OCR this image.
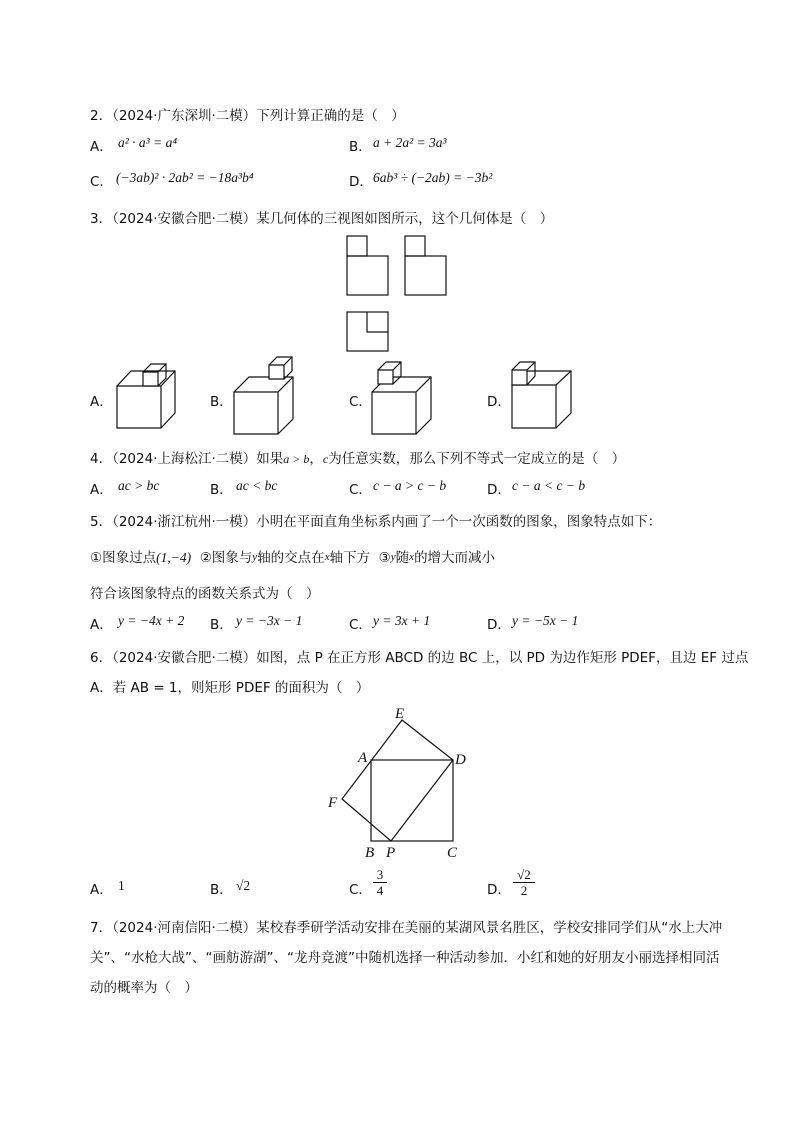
2．（2024·广东深圳·二模）下列计算正确的是（　）
A． a² · a³ = a⁴	B． a + 2a² = 3a³
C． (−3ab)² · 2ab² = −18a³b⁴	D． 6ab³ ÷ (−2ab) = −3b²
3．（2024·安徽合肥·二模）某几何体的三视图如图所示，这个几何体是（　）
A．	B．	C．	D．
4．（2024·上海松江·二模）如果a > b，c为任意实数，那么下列不等式一定成立的是（　）
A． ac > bc	B． ac < bc	C． c − a > c − b	D． c − a < c − b
5．（2024·浙江杭州·一模）小明在平面直角坐标系内画了一个一次函数的图象，图象特点如下：
①图象过点(1,−4) ②图象与y轴的交点在x轴下方 ③y随x的增大而减小
符合该图象特点的函数关系式为（　）
A． y = −4x + 2 B． y = −3x − 1	C． y = 3x + 1	D． y = −5x − 1
6．（2024·安徽合肥·二模）如图，点 P 在正方形 ABCD 的边 BC 上，以 PD 为边作矩形 PDEF，且边 EF 过点
A．若 AB = 1，则矩形 PDEF 的面积为（　）
E
A	D
F
B P	C
A． 1	B． √2	C． $\frac{3}{4}$	D． $\frac{√2}{2}$
7．（2024·河南信阳·二模）某校春季研学活动安排在美丽的某湖风景名胜区，学校安排同学们从“水上大冲
关”、“水枪大战”、“画舫游湖”、“龙舟竞渡”中随机选择一种活动参加．小红和她的好朋友小丽选择相同活
动的概率为（　）
